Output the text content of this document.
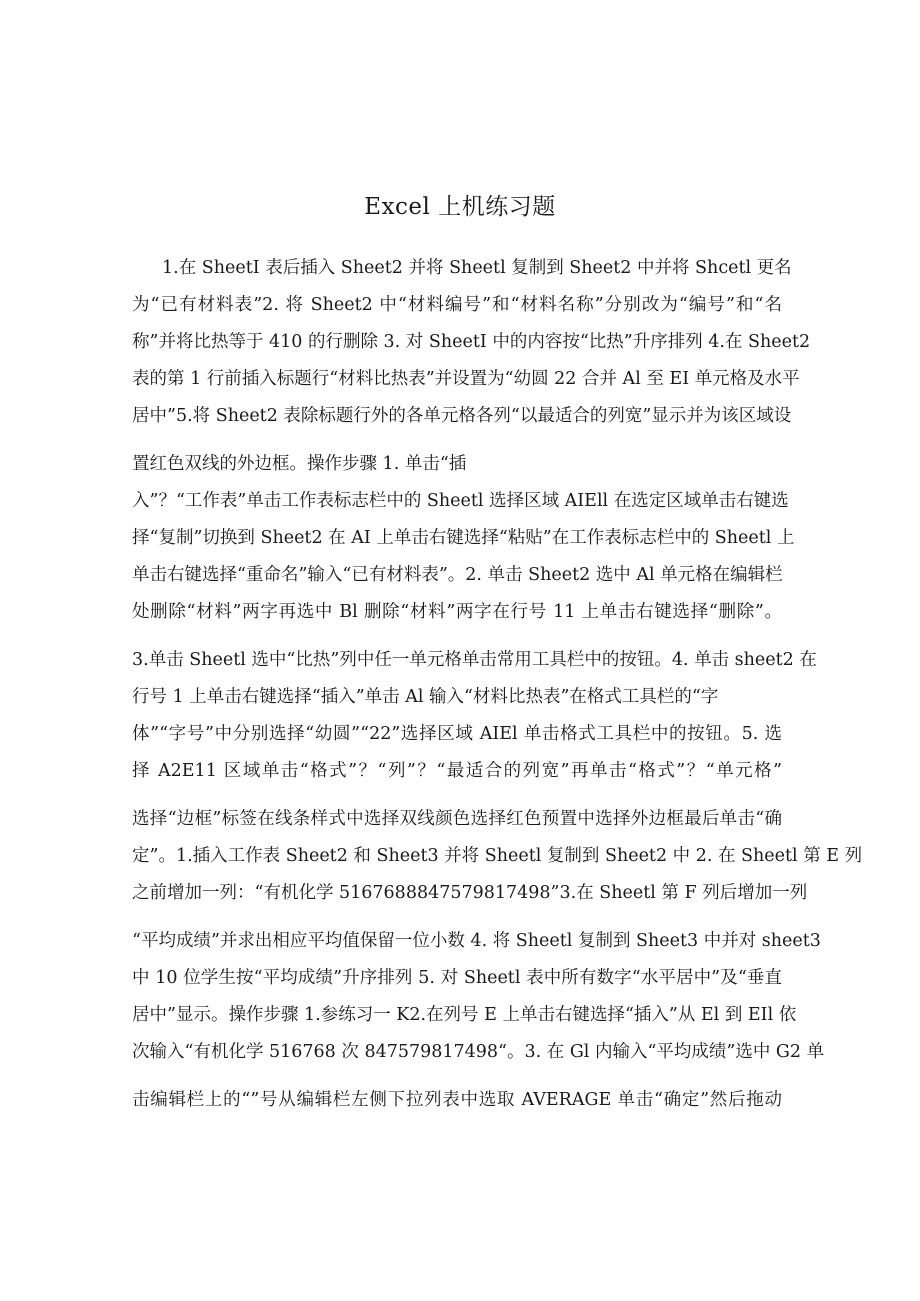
Excel 上机练习题
1.在 SheetI 表后插入 Sheet2 并将 Sheetl 复制到 Sheet2 中并将 Shcetl 更名
为“已有材料表”2. 将 Sheet2 中“材料编号”和“材料名称”分别改为“编号”和“名
称”并将比热等于 410 的行删除 3. 对 SheetI 中的内容按“比热”升序排列 4.在 Sheet2
表的第 1 行前插入标题行“材料比热表”并设置为“幼圆 22 合并 Al 至 EI 单元格及水平
居中”5.将 Sheet2 表除标题行外的各单元格各列“以最适合的列宽”显示并为该区域设
置红色双线的外边框。操作步骤 1. 单击“插
入”？“工作表”单击工作表标志栏中的 Sheetl 选择区域 AIEll 在选定区域单击右键选
择“复制”切换到 Sheet2 在 AI 上单击右键选择“粘贴”在工作表标志栏中的 Sheetl 上
单击右键选择“重命名”输入“已有材料表”。2. 单击 Sheet2 选中 Al 单元格在编辑栏
处删除“材料”两字再选中 Bl 删除“材料”两字在行号 11 上单击右键选择“删除”。
3.单击 Sheetl 选中“比热”列中任一单元格单击常用工具栏中的按钮。4. 单击 sheet2 在
行号 1 上单击右键选择“插入”单击 Al 输入“材料比热表”在格式工具栏的“字
体”“字号”中分别选择“幼圆”“22”选择区域 AIEl 单击格式工具栏中的按钮。5. 选
择 A2E11 区域单击“格式”？“列”？“最适合的列宽”再单击“格式”？“单元格”
选择“边框”标签在线条样式中选择双线颜色选择红色预置中选择外边框最后单击“确
定”。1.插入工作表 Sheet2 和 Sheet3 并将 Sheetl 复制到 Sheet2 中 2. 在 Sheetl 第 E 列
之前增加一列：“有机化学 5167688847579817498”3.在 Sheetl 第 F 列后增加一列
“平均成绩”并求出相应平均值保留一位小数 4. 将 Sheetl 复制到 Sheet3 中并对 sheet3
中 10 位学生按“平均成绩”升序排列 5. 对 Sheetl 表中所有数字“水平居中”及“垂直
居中”显示。操作步骤 1.参练习一 K2.在列号 E 上单击右键选择“插入”从 El 到 EIl 依
次输入“有机化学 516768 次 847579817498“。3. 在 Gl 内输入“平均成绩”选中 G2 单
击编辑栏上的“”号从编辑栏左侧下拉列表中选取 AVERAGE 单击“确定”然后拖动
